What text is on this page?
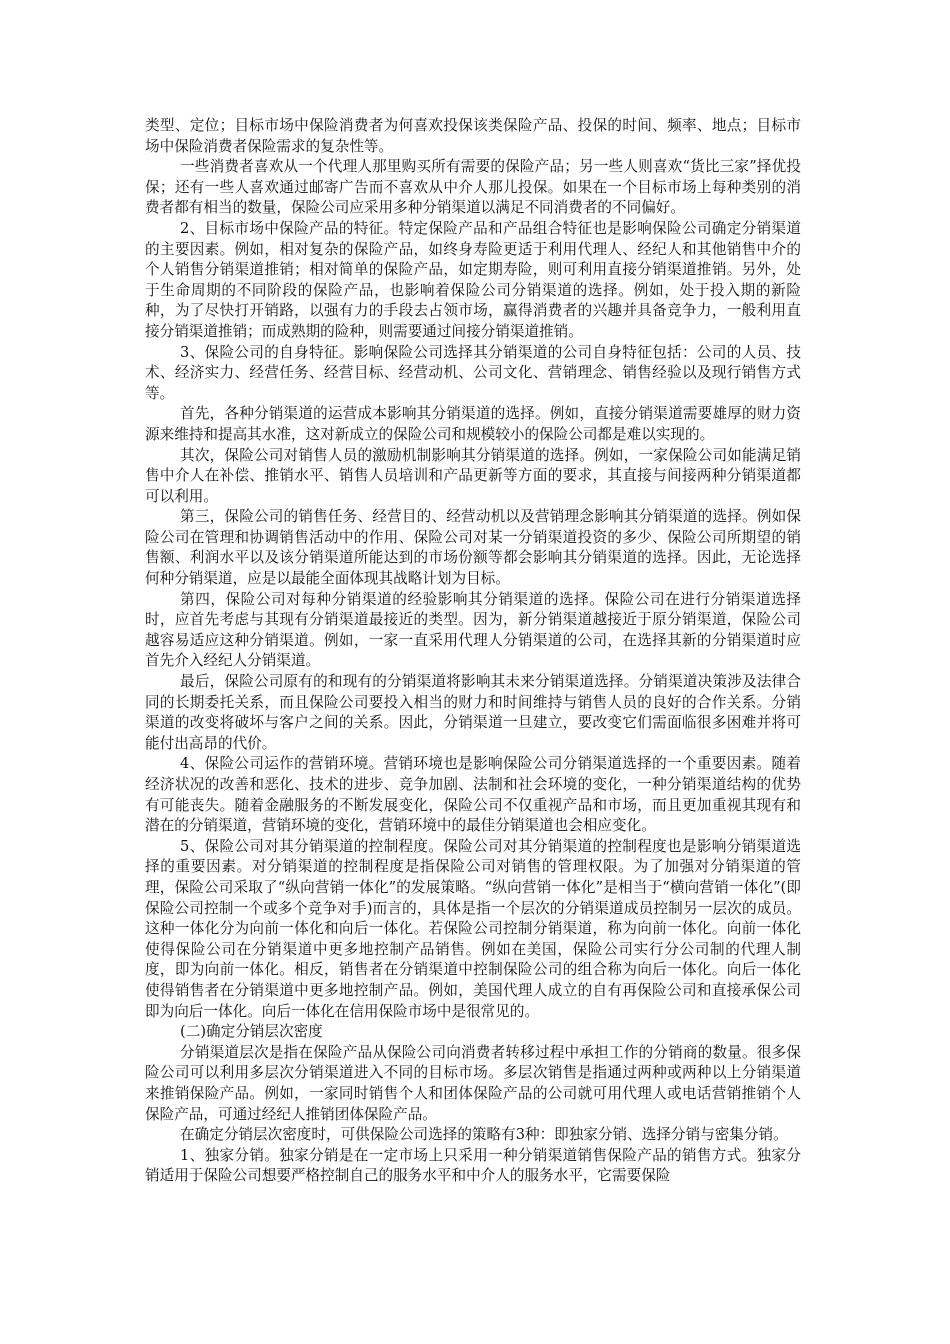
类型、定位；目标市场中保险消费者为何喜欢投保该类保险产品、投保的时间、频率、地点；目标市场中保险消费者保险需求的复杂性等。

一些消费者喜欢从一个代理人那里购买所有需要的保险产品；另一些人则喜欢“货比三家”择优投保；还有一些人喜欢通过邮寄广告而不喜欢从中介人那儿投保。如果在一个目标市场上每种类别的消费者都有相当的数量，保险公司应采用多种分销渠道以满足不同消费者的不同偏好。

2、目标市场中保险产品的特征。特定保险产品和产品组合特征也是影响保险公司确定分销渠道的主要因素。例如，相对复杂的保险产品，如终身寿险更适于利用代理人、经纪人和其他销售中介的个人销售分销渠道推销；相对简单的保险产品，如定期寿险，则可利用直接分销渠道推销。另外，处于生命周期的不同阶段的保险产品，也影响着保险公司分销渠道的选择。例如，处于投入期的新险种，为了尽快打开销路，以强有力的手段去占领市场，赢得消费者的兴趣并具备竞争力，一般利用直接分销渠道推销；而成熟期的险种，则需要通过间接分销渠道推销。

3、保险公司的自身特征。影响保险公司选择其分销渠道的公司自身特征包括：公司的人员、技术、经济实力、经营任务、经营目标、经营动机、公司文化、营销理念、销售经验以及现行销售方式等。

首先，各种分销渠道的运营成本影响其分销渠道的选择。例如，直接分销渠道需要雄厚的财力资源来维持和提高其水准，这对新成立的保险公司和规模较小的保险公司都是难以实现的。

其次，保险公司对销售人员的激励机制影响其分销渠道的选择。例如，一家保险公司如能满足销售中介人在补偿、推销水平、销售人员培训和产品更新等方面的要求，其直接与间接两种分销渠道都可以利用。

第三，保险公司的销售任务、经营目的、经营动机以及营销理念影响其分销渠道的选择。例如保险公司在管理和协调销售活动中的作用、保险公司对某一分销渠道投资的多少、保险公司所期望的销售额、利润水平以及该分销渠道所能达到的市场份额等都会影响其分销渠道的选择。因此，无论选择何种分销渠道，应是以最能全面体现其战略计划为目标。

第四，保险公司对每种分销渠道的经验影响其分销渠道的选择。保险公司在进行分销渠道选择时，应首先考虑与其现有分销渠道最接近的类型。因为，新分销渠道越接近于原分销渠道，保险公司越容易适应这种分销渠道。例如，一家一直采用代理人分销渠道的公司，在选择其新的分销渠道时应首先介入经纪人分销渠道。

最后，保险公司原有的和现有的分销渠道将影响其未来分销渠道选择。分销渠道决策涉及法律合同的长期委托关系，而且保险公司要投入相当的财力和时间维持与销售人员的良好的合作关系。分销渠道的改变将破坏与客户之间的关系。因此，分销渠道一旦建立，要改变它们需面临很多困难并将可能付出高昂的代价。

4、保险公司运作的营销环境。营销环境也是影响保险公司分销渠道选择的一个重要因素。随着经济状况的改善和恶化、技术的进步、竞争加剧、法制和社会环境的变化，一种分销渠道结构的优势有可能丧失。随着金融服务的不断发展变化，保险公司不仅重视产品和市场，而且更加重视其现有和潜在的分销渠道，营销环境的变化，营销环境中的最佳分销渠道也会相应变化。

5、保险公司对其分销渠道的控制程度。保险公司对其分销渠道的控制程度也是影响分销渠道选择的重要因素。对分销渠道的控制程度是指保险公司对销售的管理权限。为了加强对分销渠道的管理，保险公司采取了“纵向营销一体化”的发展策略。“纵向营销一体化”是相当于“横向营销一体化”(即保险公司控制一个或多个竞争对手)而言的，具体是指一个层次的分销渠道成员控制另一层次的成员。这种一体化分为向前一体化和向后一体化。若保险公司控制分销渠道，称为向前一体化。向前一体化使得保险公司在分销渠道中更多地控制产品销售。例如在美国，保险公司实行分公司制的代理人制度，即为向前一体化。相反，销售者在分销渠道中控制保险公司的组合称为向后一体化。向后一体化使得销售者在分销渠道中更多地控制产品。例如，美国代理人成立的自有再保险公司和直接承保公司即为向后一体化。向后一体化在信用保险市场中是很常见的。

(二)确定分销层次密度

分销渠道层次是指在保险产品从保险公司向消费者转移过程中承担工作的分销商的数量。很多保险公司可以利用多层次分销渠道进入不同的目标市场。多层次销售是指通过两种或两种以上分销渠道来推销保险产品。例如，一家同时销售个人和团体保险产品的公司就可用代理人或电话营销推销个人保险产品，可通过经纪人推销团体保险产品。

在确定分销层次密度时，可供保险公司选择的策略有3种：即独家分销、选择分销与密集分销。

1、独家分销。独家分销是在一定市场上只采用一种分销渠道销售保险产品的销售方式。独家分销适用于保险公司想要严格控制自己的服务水平和中介人的服务水平，它需要保险
